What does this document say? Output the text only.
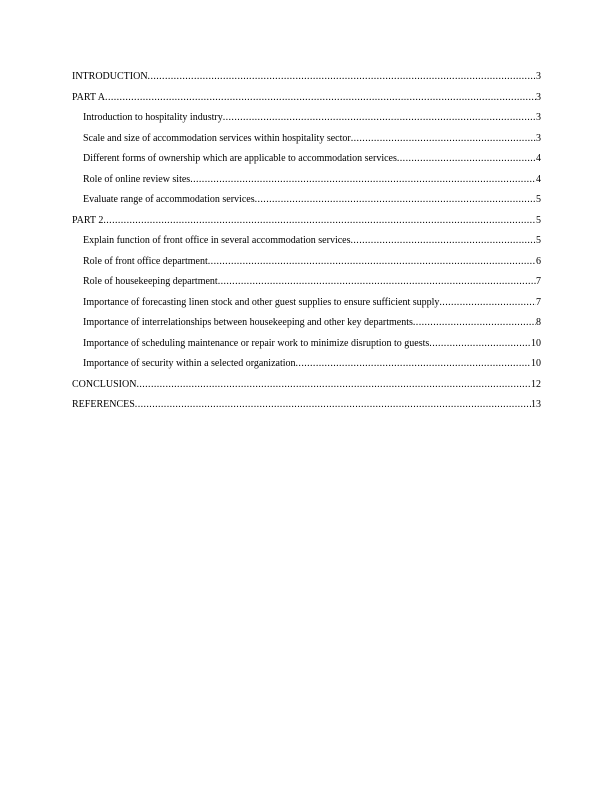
INTRODUCTION .....	3
PART A .....	3
Introduction to hospitality industry .....	3
Scale and size of accommodation services within hospitality sector .....	3
Different forms of ownership which are applicable to accommodation services .....	4
Role of online review sites .....	4
Evaluate range of accommodation services .....	5
PART 2 .....	5
Explain function of front office in several accommodation services .....	5
Role of front office department .....	6
Role of housekeeping department .....	7
Importance of forecasting linen stock and other guest supplies to ensure sufficient supply .....	7
Importance of interrelationships between housekeeping and other key departments .....	8
Importance of scheduling maintenance or repair work to minimize disruption to guests .....	10
Importance of security within a selected organization .....	10
CONCLUSION .....	12
REFERENCES .....	13
